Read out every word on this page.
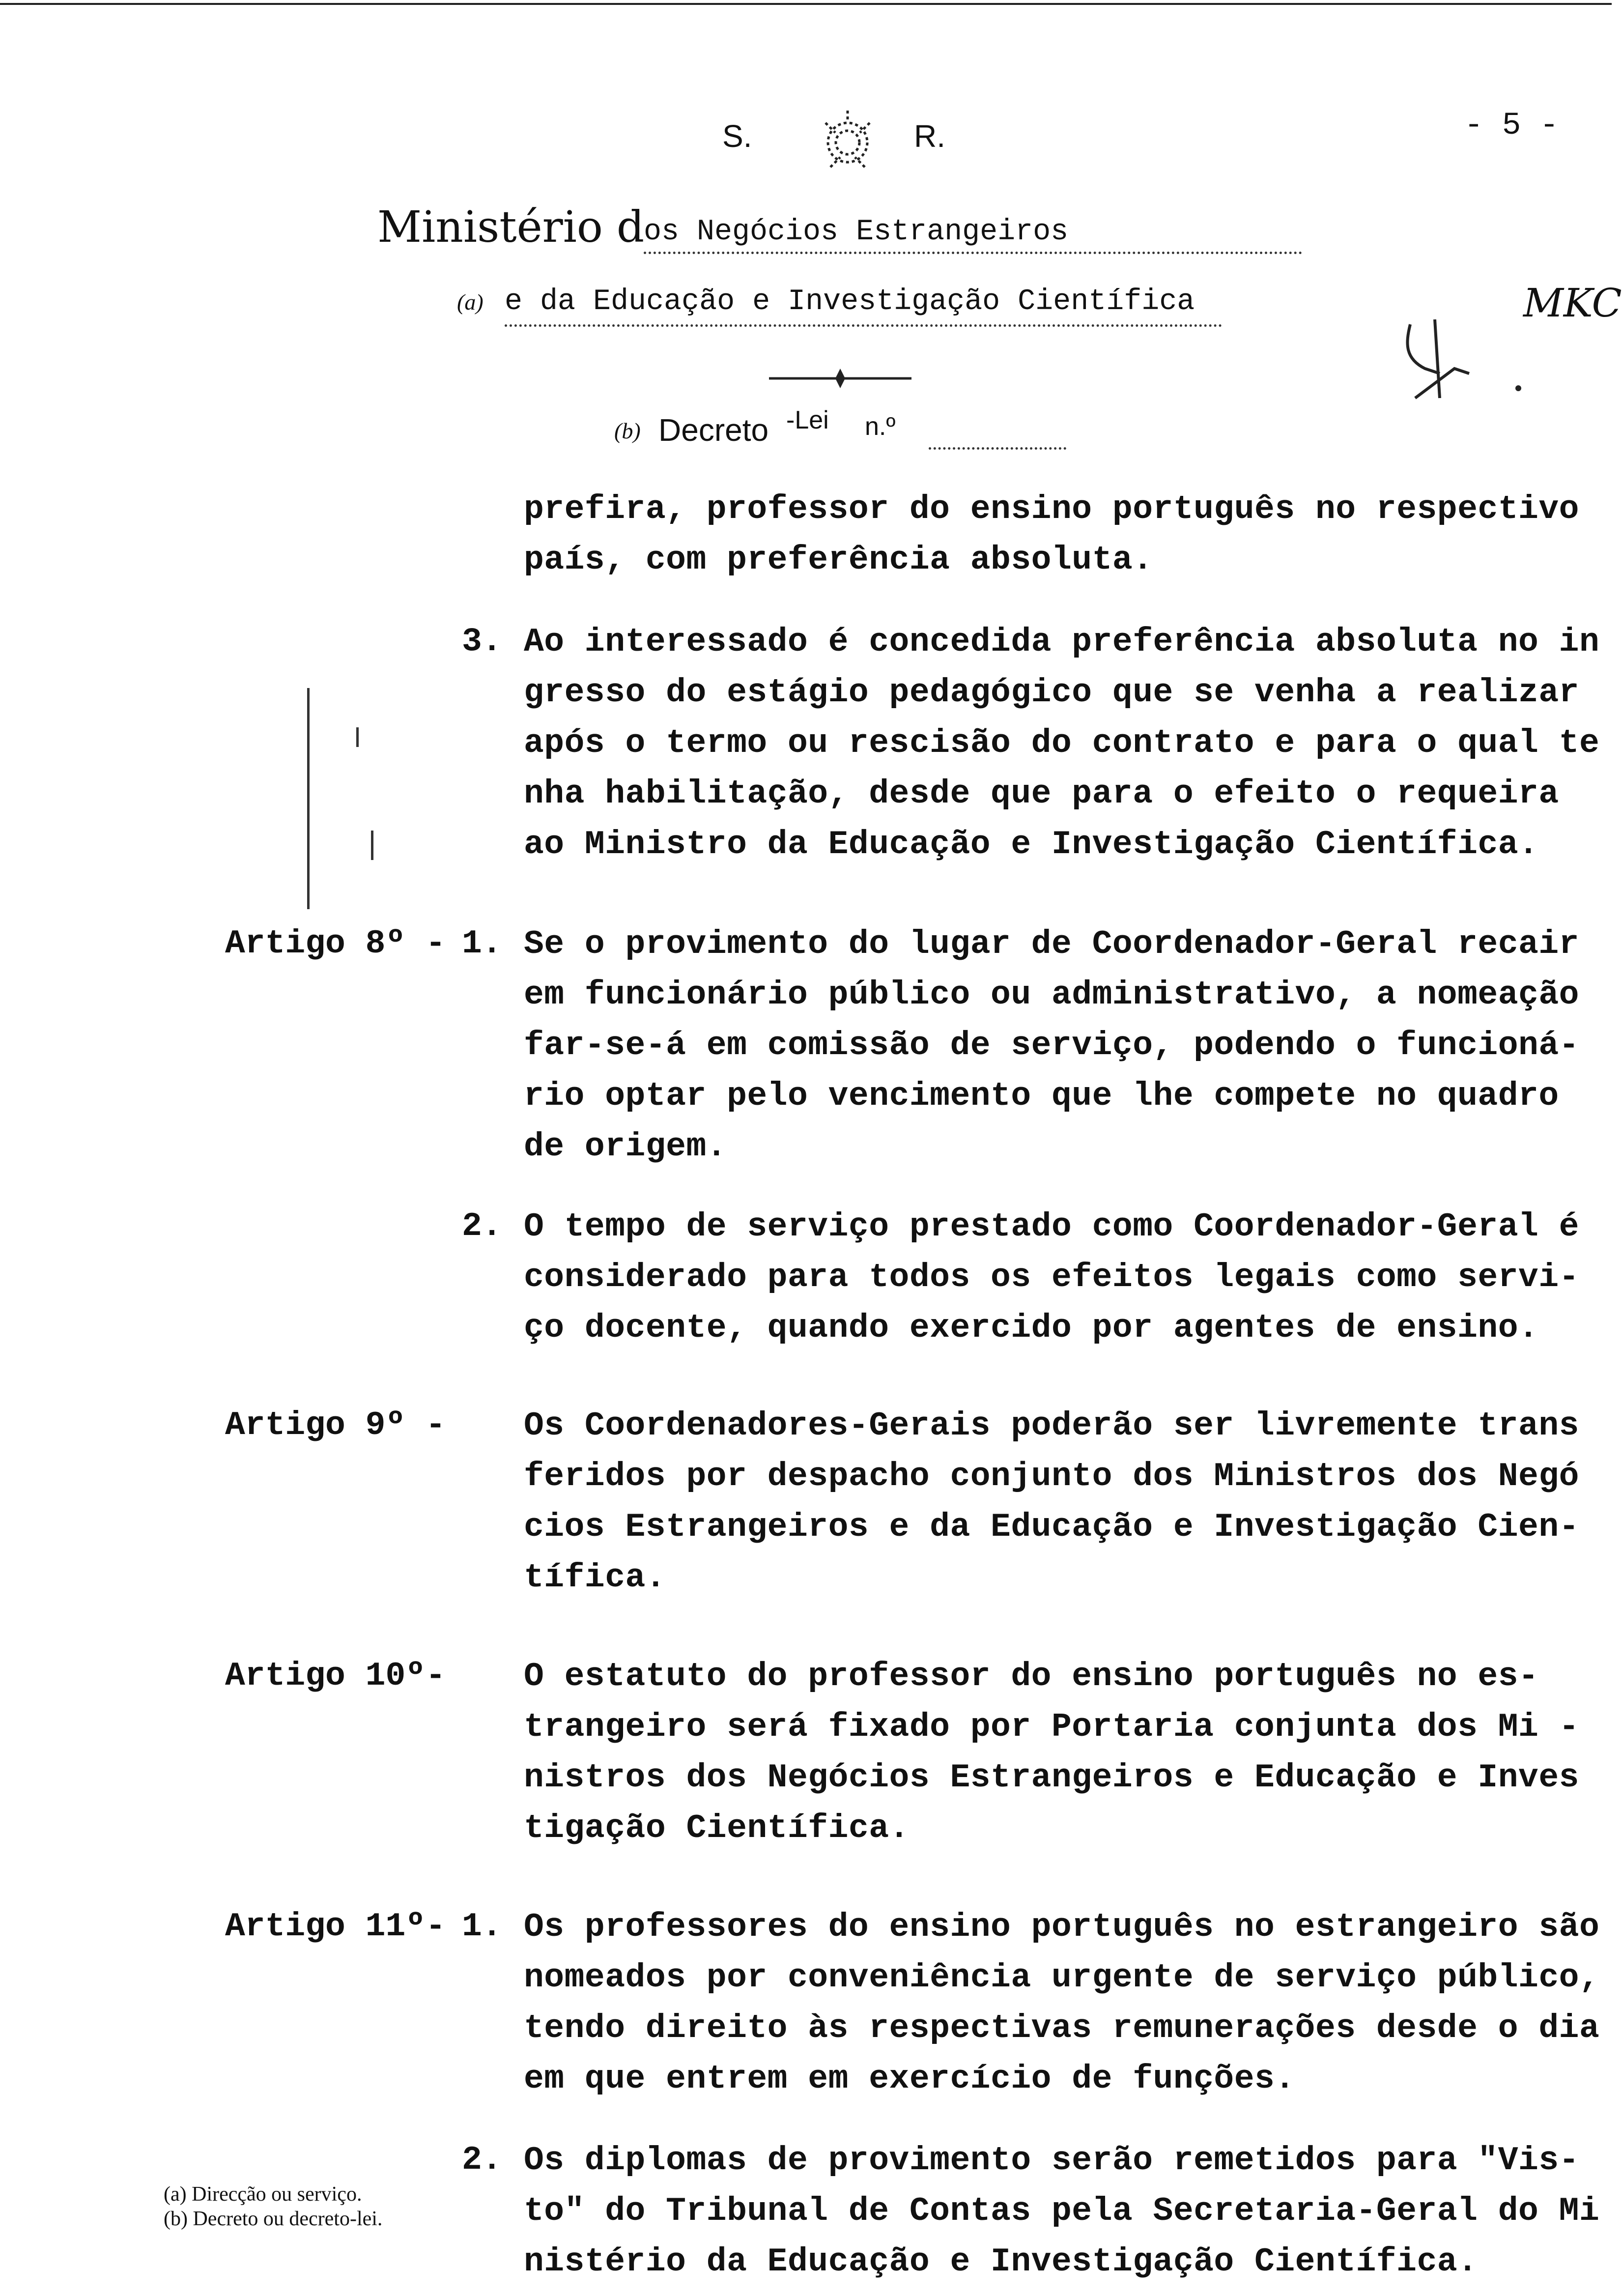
S.	R.	- 5 -
Ministério d
os Negócios Estrangeiros
(a) e da Educação e Investigação Científica
(b) Decreto -Lei n.º
MKC
prefira, professor do ensino português no respectivo
país, com preferência absoluta.
3. Ao interessado é concedida preferência absoluta no in
gresso do estágio pedagógico que se venha a realizar
após o termo ou rescisão do contrato e para o qual te
nha habilitação, desde que para o efeito o requeira
ao Ministro da Educação e Investigação Científica.
Artigo 8º - 1. Se o provimento do lugar de Coordenador-Geral recair
em funcionário público ou administrativo, a nomeação
far-se-á em comissão de serviço, podendo o funcioná-
rio optar pelo vencimento que lhe compete no quadro
de origem.
2. O tempo de serviço prestado como Coordenador-Geral é
considerado para todos os efeitos legais como servi-
ço docente, quando exercido por agentes de ensino.
Artigo 9º - Os Coordenadores-Gerais poderão ser livremente trans
feridos por despacho conjunto dos Ministros dos Negó
cios Estrangeiros e da Educação e Investigação Cien-
tífica.
Artigo 10º- O estatuto do professor do ensino português no es-
trangeiro será fixado por Portaria conjunta dos Mi -
nistros dos Negócios Estrangeiros e Educação e Inves
tigação Científica.
Artigo 11º- 1. Os professores do ensino português no estrangeiro são
nomeados por conveniência urgente de serviço público,
tendo direito às respectivas remunerações desde o dia
em que entrem em exercício de funções.
2. Os diplomas de provimento serão remetidos para "Vis-
to" do Tribunal de Contas pela Secretaria-Geral do Mi
nistério da Educação e Investigação Científica.
(a) Direcção ou serviço.
(b) Decreto ou decreto-lei.
